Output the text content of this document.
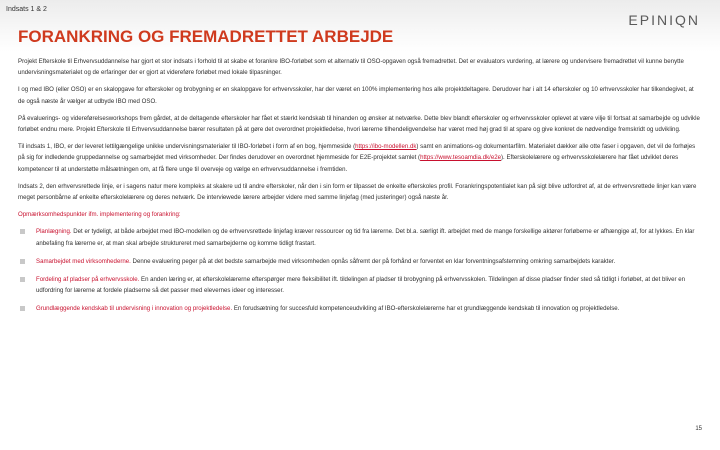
Indsats 1 & 2
EPINIQN
FORANKRING OG FREMADRETTET ARBEJDE

Projekt Efterskole til Erhvervsuddannelse har gjort et stor indsats i forhold til at skabe et forankre IBO-forløbet som et alternativ til OSO-opgaven også fremadrettet. Det er evaluators vurdering, at lærere og undervisere fremadrettet vil kunne benytte undervisningsmaterialet og de erfaringer der er gjort at videreføre forløbet med lokale tilpasninger.

I og med IBO (eller OSO) er en skalopgave for efterskoler og brobygning er en skalopgave for erhvervsskoler, har der været en 100% implementering hos alle projektdeltagere. Derudover har i alt 14 efterskoler og 10 erhvervsskoler har tilkendegivet, at de også næste år vælger at udbyde IBO med OSO.

På evaluerings- og videreførelsesworkshops frem gårdet, at de deltagende efterskoler har fået et stærkt kendskab til hinanden og ønsker at netværke. Dette blev blandt efterskoler og erhvervsskoler oplevet at være vilje til fortsat at samarbejde og udvikle forløbet endnu mere. Projekt Efterskole til Erhvervsuddannelse bærer resultaten på at gøre det overordnet projektledelse, hvori lærerne tilhendeligvendelse har været med høj grad til at spare og give konkret de nødvendige fremskridt og udvikling.

Til indsats 1, IBO, er der leveret lettilgængelige unikke undervisningsmaterialer til IBO-forløbet i form af en bog, hjemmeside (https://ibo-modellen.dk) samt en animations-og dokumentarfilm. Materialet dækker alle otte faser i opgaven, det vil de forhøjes på sig for indledende gruppedannelse og samarbejdet med virksomheder. Der findes derudover en overordnet hjemmeside for E2E-projektet samlet (https://www.tesoamdia.dk/e2e). Efterskolelærere og erhvervsskolelærere har fået udviklet deres kompetencer til at understøtte målsætningen om, at få flere unge til overveje og vælge en erhvervsuddannelse i fremtiden.

Indsats 2, den erhvervsrettede linje, er i sagens natur mere kompleks at skalere ud til andre efterskoler, når den i sin form er tilpasset de enkelte efterskoles profil. Forankringspotentialet kan på sigt blive udfordret af, at de erhvervsrettede linjer kan være meget personbårne af enkelte efterskolelærere og deres netværk. De interviewede lærere arbejder videre med samme linjefag (med justeringer) også næste år.

Opmærksomhedspunkter ifm. implementering og forankring:

Planlægning. Det er tydeligt, at både arbejdet med IBO-modellen og de erhvervsrettede linjefag kræver ressourcer og tid fra lærerne. Det bl.a. særligt ift. arbejdet med de mange forskellige aktører forløberne er afhængige af, for at lykkes. En klar anbefaling fra lærerne er, at man skal arbejde struktureret med samarbejderne og komme tidligt frastart.
Samarbejdet med virksomhederne. Denne evaluering peger på at det bedste samarbejde med virksomheden opnås såfremt der på forhånd er forventet en klar forventningsafstemning omkring samarbejdets karakter.
Fordeling af pladser på erhvervsskole. En anden læring er, at efterskolelærerne efterspørger mere fleksibilitet ift. tildelingen af pladser til brobygning på erhvervsskolen. Tildelingen af disse pladser finder sted så tidligt i forløbet, at det bliver en udfordring for lærerne at fordele pladserne så det passer med elevernes ideer og interesser.
Grundlæggende kendskab til undervisning i innovation og projektledelse. En forudsætning for succesfuld kompetenceudvikling af IBO-efterskolelærerne har et grundlæggende kendskab til innovation og projektledelse.
15
